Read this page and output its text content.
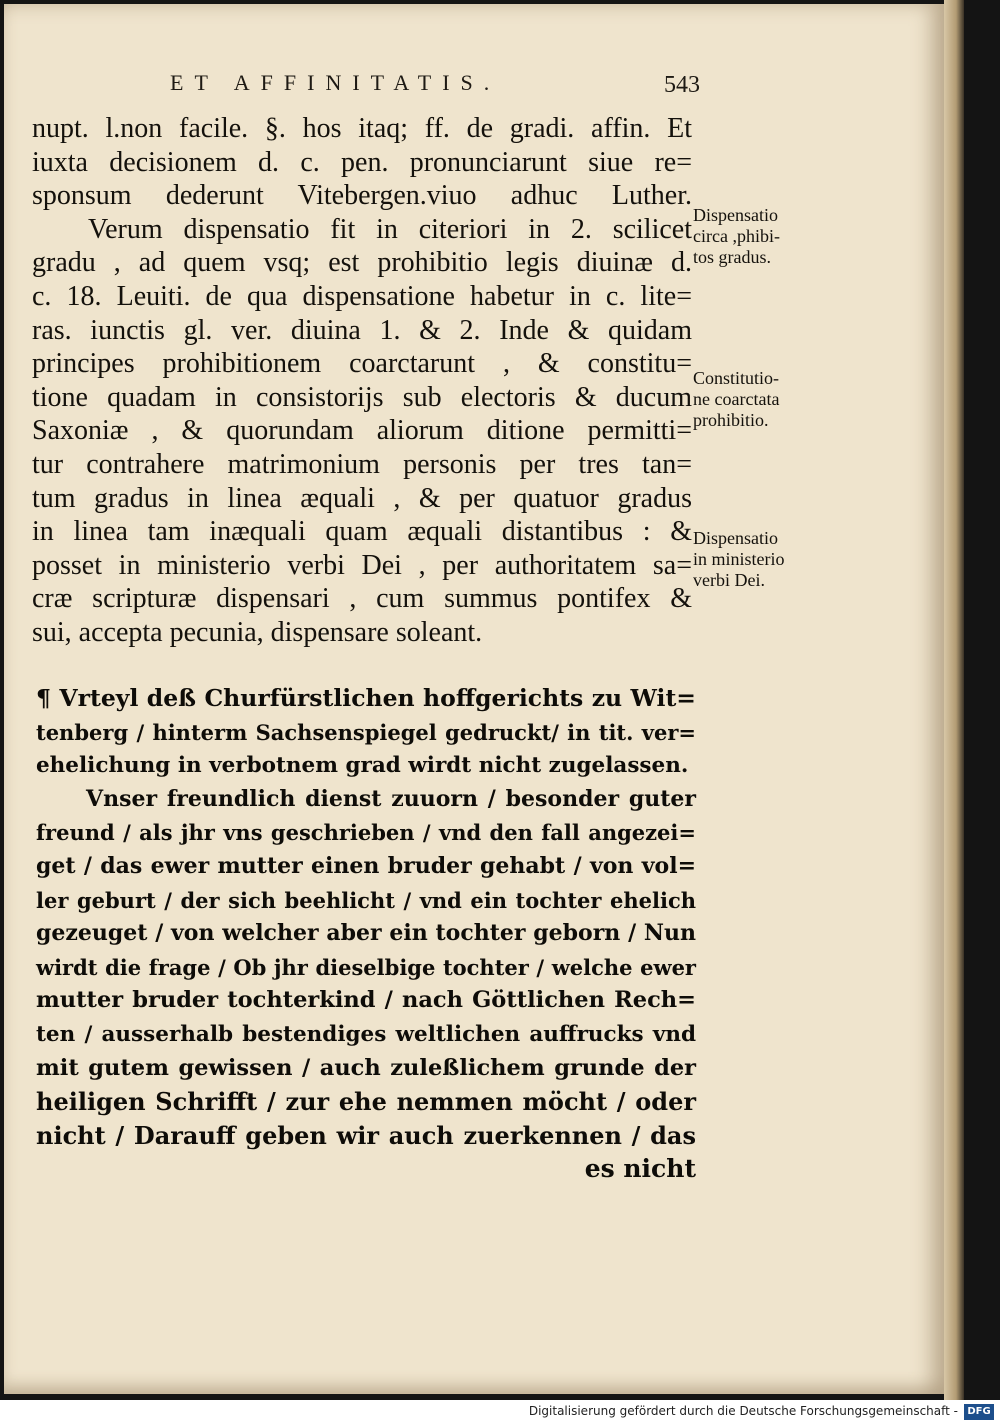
ET AFFINITATIS.	543
nupt. l.non facile. §. hos itaq; ff. de gradi. affin. Et
iuxta decisionem d. c. pen. pronunciarunt siue re=
sponsum dederunt Vitebergen.viuo adhuc Luther.
Verum dispensatio fit in citeriori in 2. scilicet
gradu , ad quem vsq; est prohibitio legis diuinæ d.
c. 18. Leuiti. de qua dispensatione habetur in c. lite=
ras. iunctis gl. ver. diuina 1. & 2. Inde & quidam
principes prohibitionem coarctarunt , & constitu=
tione quadam in consistorijs sub electoris & ducum
Saxoniæ , & quorundam aliorum ditione permitti=
tur contrahere matrimonium personis per tres tan=
tum gradus in linea æquali , & per quatuor gradus
in linea tam inæquali quam æquali distantibus : &
posset in ministerio verbi Dei , per authoritatem sa=
cræ scripturæ dispensari , cum summus pontifex &
sui, accepta pecunia, dispensare soleant.
Dispensatio
circa ,phibi-
tos gradus.
Constitutio-
ne coarctata
prohibitio.
Dispensatio
in ministerio
verbi Dei.
¶ Vrteyl deß Churfürstlichen hoffgerichts zu Wit=
tenberg / hinterm Sachsenspiegel gedruckt/ in tit. ver=
ehelichung in verbotnem grad wirdt nicht zugelassen.
Vnser freundlich dienst zuuorn / besonder guter
freund / als jhr vns geschrieben / vnd den fall angezei=
get / das ewer mutter einen bruder gehabt / von vol=
ler geburt / der sich beehlicht / vnd ein tochter ehelich
gezeuget / von welcher aber ein tochter geborn / Nun
wirdt die frage / Ob jhr dieselbige tochter / welche ewer
mutter bruder tochterkind / nach Göttlichen Rech=
ten / ausserhalb bestendiges weltlichen auffrucks vnd
mit gutem gewissen / auch zuleßlichem grunde der
heiligen Schrifft / zur ehe nemmen möcht / oder
nicht / Darauff geben wir auch zuerkennen / das
es nicht
Digitalisierung gefördert durch die Deutsche Forschungsgemeinschaft - DFG
